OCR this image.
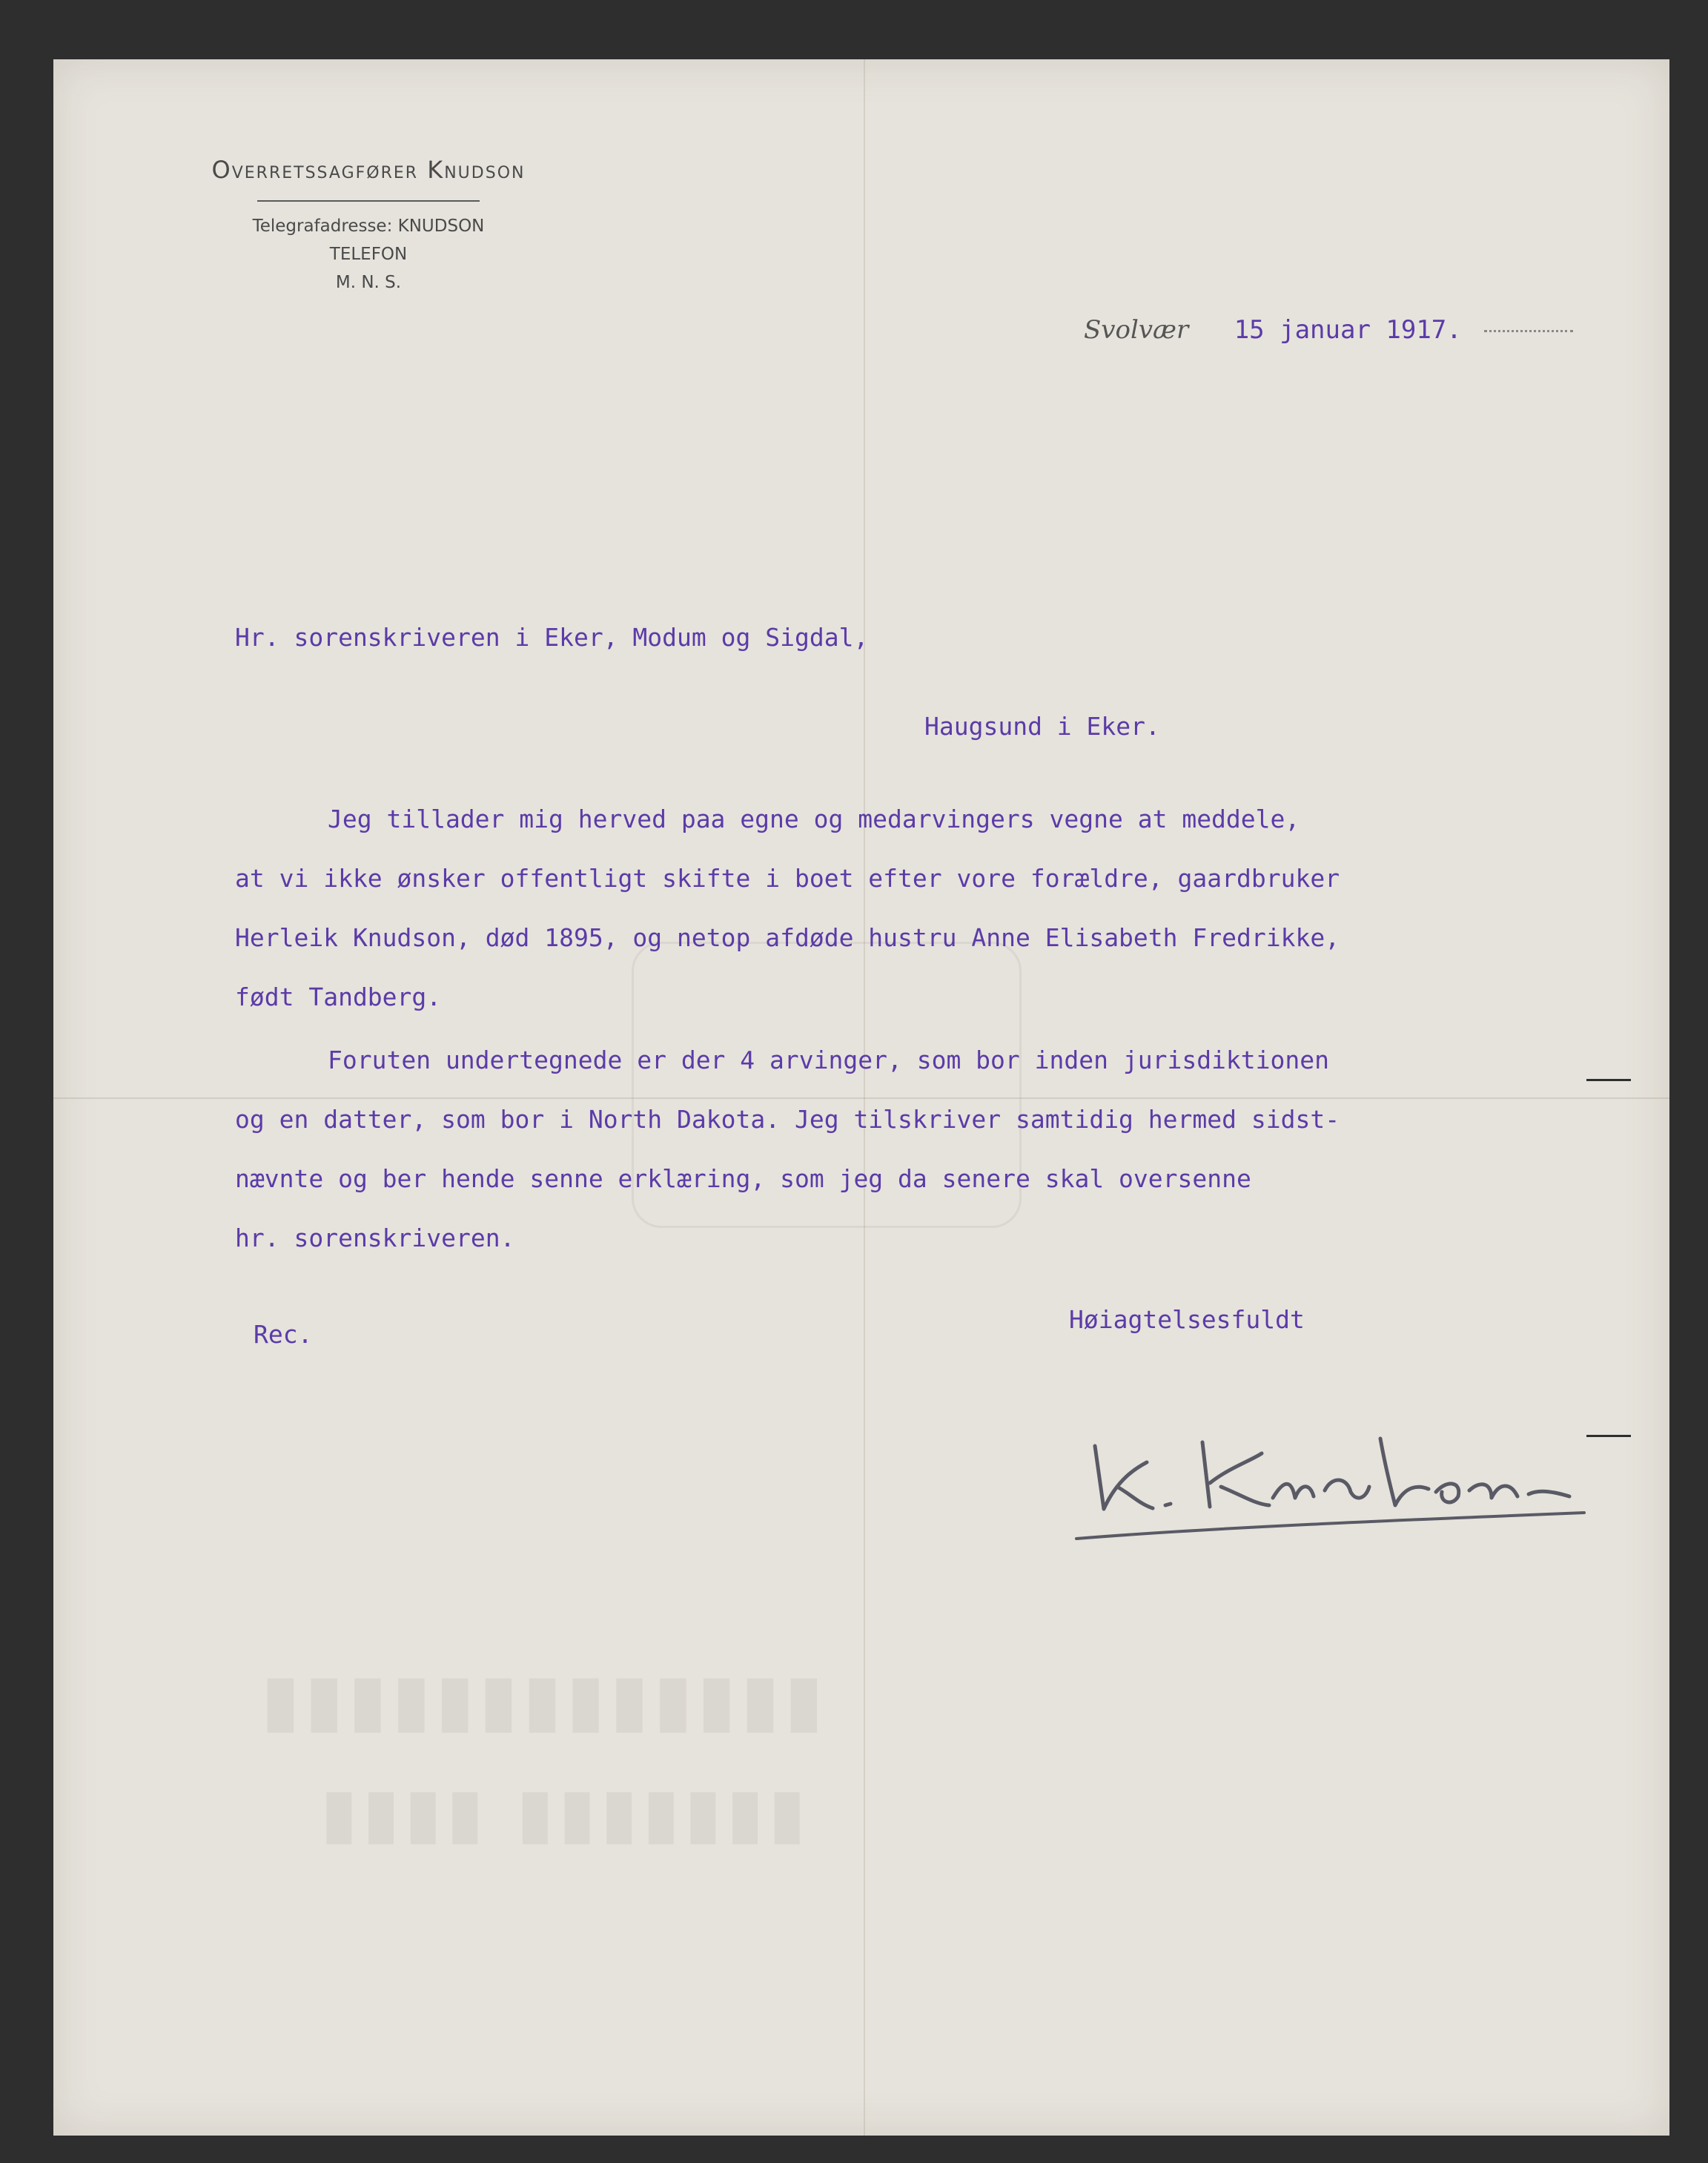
Overretssagfører Knudson
Telegrafadresse: KNUDSON
TELEFON
M. N. S.
Svolvær 15 januar 1917.
Hr. sorenskriveren i Eker, Modum og Sigdal,
Haugsund i Eker.
Jeg tillader mig herved paa egne og medarvingers vegne at meddele,
at vi ikke ønsker offentligt skifte i boet efter vore forældre, gaardbruker
Herleik Knudson, død 1895, og netop afdøde hustru Anne Elisabeth Fredrikke,
født Tandberg.
Foruten undertegnede er der 4 arvinger, som bor inden jurisdiktionen
og en datter, som bor i North Dakota. Jeg tilskriver samtidig hermed sidst-
nævnte og ber hende senne erklæring, som jeg da senere skal oversenne
hr. sorenskriveren.
Rec.
Høiagtelsesfuldt
▮▮▮▮▮▮▮▮▮▮▮▮▮
▮▮▮▮ ▮▮▮▮▮▮▮
